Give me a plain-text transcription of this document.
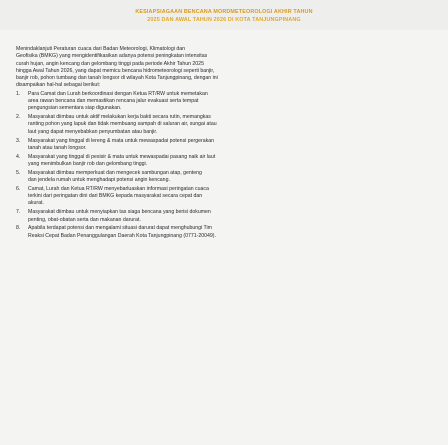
KESIAPSIAGAAN BENCANA MORDMETEOROLOGI AKHIR TAHUN
2025 DAN AWAL TAHUN 2026 DI KOTA TANJUNGPINANG
Menindaklanjuti Peraturan cuaca dari Badan Meteorologi, Klimatologi dan
Geofisika (BMKG) yang mengidentifikasikan adanya potensi peningkatan intensitas
curah hujan, angin kencang dan gelombang tinggi pada periode Akhir Tahun 2025
hingga Awal Tahun 2026, yang dapat memicu bencana hidrometeorologi seperti banjir,
banjir rob, pohon tumbang dan tanah longsor di wilayah Kota Tanjungpinang, dengan ini
disampaikan hal-hal sebagai berikut:
1.	Para Camat dan Lurah berkoordinasi dengan Ketua RT/RW untuk memetakan
area rawan bencana dan memastikan rencana jalur evakuasi serta tempat
pengungsian sementara siap digunakan.
2.	Masyarakat diimbau untuk aktif melakukan kerja bakti secara rutin, memangkas
ranting pohon yang lapuk dan tidak membuang sampah di saluran air, sungai atau
laut yang dapat menyebabkan penyumbatan atau banjir.
3.	Masyarakat yang tinggal di lereng & mata untuk mewaspadai potensi pergerakan
tanah atau tanah longsor.
4.	Masyarakat yang tinggal di pesisir & mata untuk mewaspadai pasang naik air laut
yang menimbulkan banjir rob dan gelombang tinggi.
5.	Masyarakat diimbau memperkuat dan mengecek sambungan atap, genteng
dan jendela rumah untuk menghadapi potensi angin kencang.
6.	Camat, Lurah dan Ketua RT/RW menyebarluaskan informasi peringatan cuaca
terkini dari peringatan dini dari BMKG kepada masyarakat secara cepat dan
akurat.
7.	Masyarakat diimbau untuk menyiapkan tas siaga bencana yang berisi dokumen
penting, obat-obatan serta dan makanan darurat.
8.	Apabila terdapat potensi dan mengalami situasi darurat dapat menghubungi Tim
Reaksi Cepat Badan Penanggulangan Daerah Kota Tanjungpinang (0771-20049).
